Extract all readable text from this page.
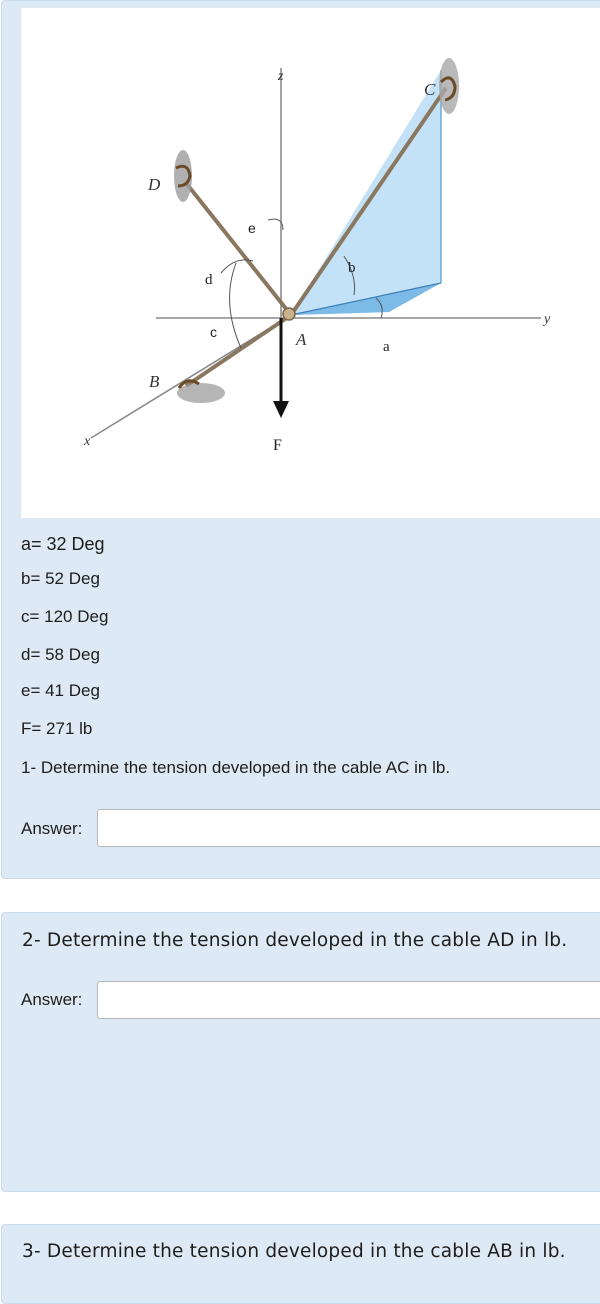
D
C
B
A
z
y
x	F
a
b
c
d
e
a= 32 Deg
b= 52 Deg
c= 120 Deg
d= 58 Deg
e= 41 Deg
F= 271 lb
1- Determine the tension developed in the cable AC in lb.
Answer:
2- Determine the tension developed in the cable AD in lb.
Answer:
3- Determine the tension developed in the cable AB in lb.
